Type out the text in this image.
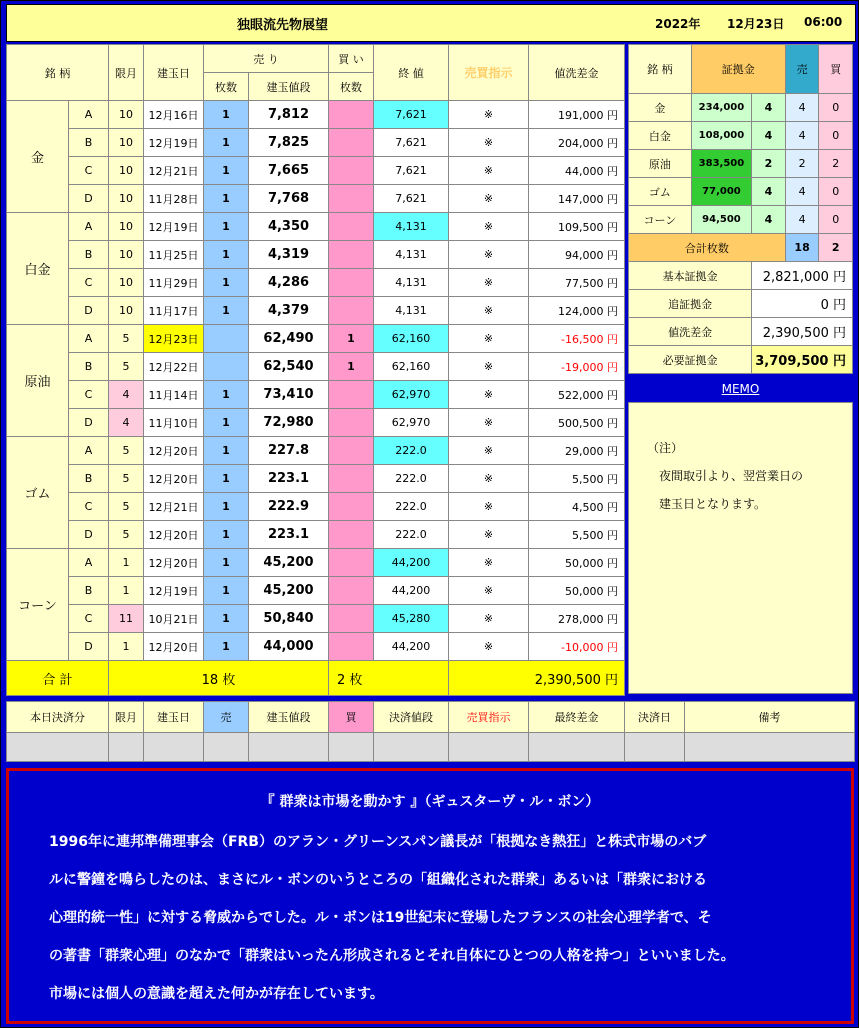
独眼流先物展望	2022年 12月23日 06:00
銘 柄		限月	建玉日	売 り		買 い	終 値	売買指示	値洗差金
				枚数	建玉値段	枚数			
金	A	10	12月16日	1	7,812		7,621	※	191,000 円
	B	10	12月19日	1	7,825		7,621	※	204,000 円
	C	10	12月21日	1	7,665		7,621	※	44,000 円
	D	10	11月28日	1	7,768		7,621	※	147,000 円
白金	A	10	12月19日	1	4,350		4,131	※	109,500 円
	B	10	11月25日	1	4,319		4,131	※	94,000 円
	C	10	11月29日	1	4,286		4,131	※	77,500 円
	D	10	11月17日	1	4,379		4,131	※	124,000 円
原油	A	5	12月23日		62,490	1	62,160	※	-16,500 円
	B	5	12月22日		62,540	1	62,160	※	-19,000 円
	C	4	11月14日	1	73,410		62,970	※	522,000 円
	D	4	11月10日	1	72,980		62,970	※	500,500 円
ゴム	A	5	12月20日	1	227.8		222.0	※	29,000 円
	B	5	12月20日	1	223.1		222.0	※	5,500 円
	C	5	12月21日	1	222.9		222.0	※	4,500 円
	D	5	12月20日	1	223.1		222.0	※	5,500 円
コーン	A	1	12月20日	1	45,200		44,200	※	50,000 円
	B	1	12月19日	1	45,200		44,200	※	50,000 円
	C	11	10月21日	1	50,840		45,280	※	278,000 円
	D	1	12月20日	1	44,000		44,200	※	-10,000 円
合 計		18 枚				2 枚		2,390,500 円	
銘 柄	証拠金		売	買
金	234,000	4	4	0
白金	108,000	4	4	0
原油	383,500	2	2	2
ゴム	77,000	4	4	0
コーン	94,500	4	4	0
合計枚数			18	2
基本証拠金		2,821,000 円		
追証拠金		0 円		
値洗差金		2,390,500 円		
必要証拠金		3,709,500 円		
MEMO
（注）
夜間取引より、翌営業日の
建玉日となります。
本日決済分	限月	建玉日	売	建玉値段	買	決済値段	売買指示	最終差金	決済日	備考

『 群衆は市場を動かす 』（ギュスターヴ・ル・ボン）
1996年に連邦準備理事会（FRB）のアラン・グリーンスパン議長が「根拠なき熱狂」と株式市場のバブ
ルに警鐘を鳴らしたのは、まさにル・ボンのいうところの「組織化された群衆」あるいは「群衆における
心理的統一性」に対する脅威からでした。ル・ボンは19世紀末に登場したフランスの社会心理学者で、そ
の著書「群衆心理」のなかで「群衆はいったん形成されるとそれ自体にひとつの人格を持つ」といいました。
市場には個人の意識を超えた何かが存在しています。
